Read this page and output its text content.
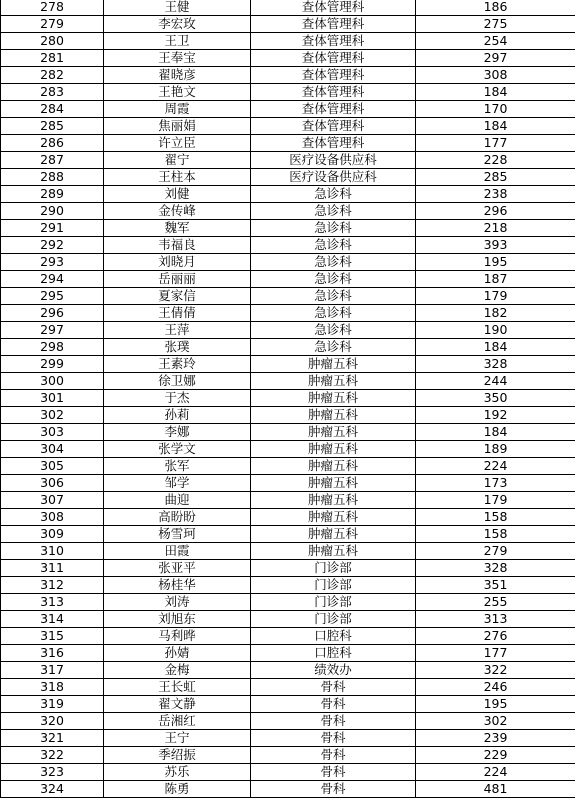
278	王健	查体管理科	186
279	李宏玫	查体管理科	275
280	王卫	查体管理科	254
281	王奉宝	查体管理科	297
282	翟晓彦	查体管理科	308
283	王艳文	查体管理科	184
284	周霞	查体管理科	170
285	焦丽娟	查体管理科	184
286	许立臣	查体管理科	177
287	翟宁	医疗设备供应科	228
288	王柱本	医疗设备供应科	285
289	刘健	急诊科	238
290	金传峰	急诊科	296
291	魏军	急诊科	218
292	韦福良	急诊科	393
293	刘晓月	急诊科	195
294	岳丽丽	急诊科	187
295	夏家信	急诊科	179
296	王倩倩	急诊科	182
297	王萍	急诊科	190
298	张璞	急诊科	184
299	王素玲	肿瘤五科	328
300	徐卫娜	肿瘤五科	244
301	于杰	肿瘤五科	350
302	孙莉	肿瘤五科	192
303	李娜	肿瘤五科	184
304	张学文	肿瘤五科	189
305	张军	肿瘤五科	224
306	邹学	肿瘤五科	173
307	曲迎	肿瘤五科	179
308	高盼盼	肿瘤五科	158
309	杨雪珂	肿瘤五科	158
310	田霞	肿瘤五科	279
311	张亚平	门诊部	328
312	杨桂华	门诊部	351
313	刘涛	门诊部	255
314	刘旭东	门诊部	313
315	马利晔	口腔科	276
316	孙婧	口腔科	177
317	金梅	绩效办	322
318	王长虹	骨科	246
319	翟文静	骨科	195
320	岳湘红	骨科	302
321	王宁	骨科	239
322	季绍振	骨科	229
323	苏乐	骨科	224
324	陈勇	骨科	481
